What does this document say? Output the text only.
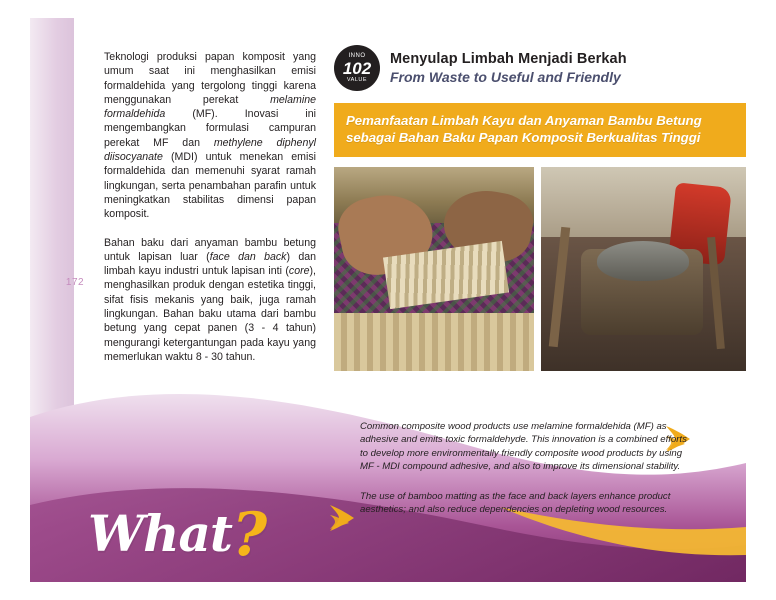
172
What?

Teknologi produksi papan komposit yang umum saat ini menghasilkan emisi formaldehida yang tergolong tinggi karena menggunakan perekat melamine formaldehida (MF). Inovasi ini mengembangkan formulasi campuran perekat MF dan methylene diphenyl diisocyanate (MDI) untuk menekan emisi formaldehida dan memenuhi syarat ramah lingkungan, serta penambahan parafin untuk meningkatkan stabilitas dimensi papan komposit.

Bahan baku dari anyaman bambu betung untuk lapisan luar (face dan back) dan limbah kayu industri untuk lapisan inti (core), menghasilkan produk dengan estetika tinggi, sifat fisis mekanis yang baik, juga ramah lingkungan. Bahan baku utama dari bambu betung yang cepat panen (3 - 4 tahun) mengurangi ketergantungan pada kayu yang memerlukan waktu 8 - 30 tahun.

INNO
102
VALUE
Menyulap Limbah Menjadi Berkah
From Waste to Useful and Friendly
Pemanfaatan Limbah Kayu dan Anyaman Bambu Betung sebagai Bahan Baku Papan Komposit Berkualitas Tinggi

Common composite wood products use melamine formaldehida (MF) as adhesive and emits toxic formaldehyde. This innovation is a combined efforts to develop more environmentally friendly composite wood products by using MF - MDI compound adhesive, and also to improve its dimensional stability.

The use of bamboo matting as the face and back layers enhance product aesthetics; and also reduce dependencies on depleting wood resources.
